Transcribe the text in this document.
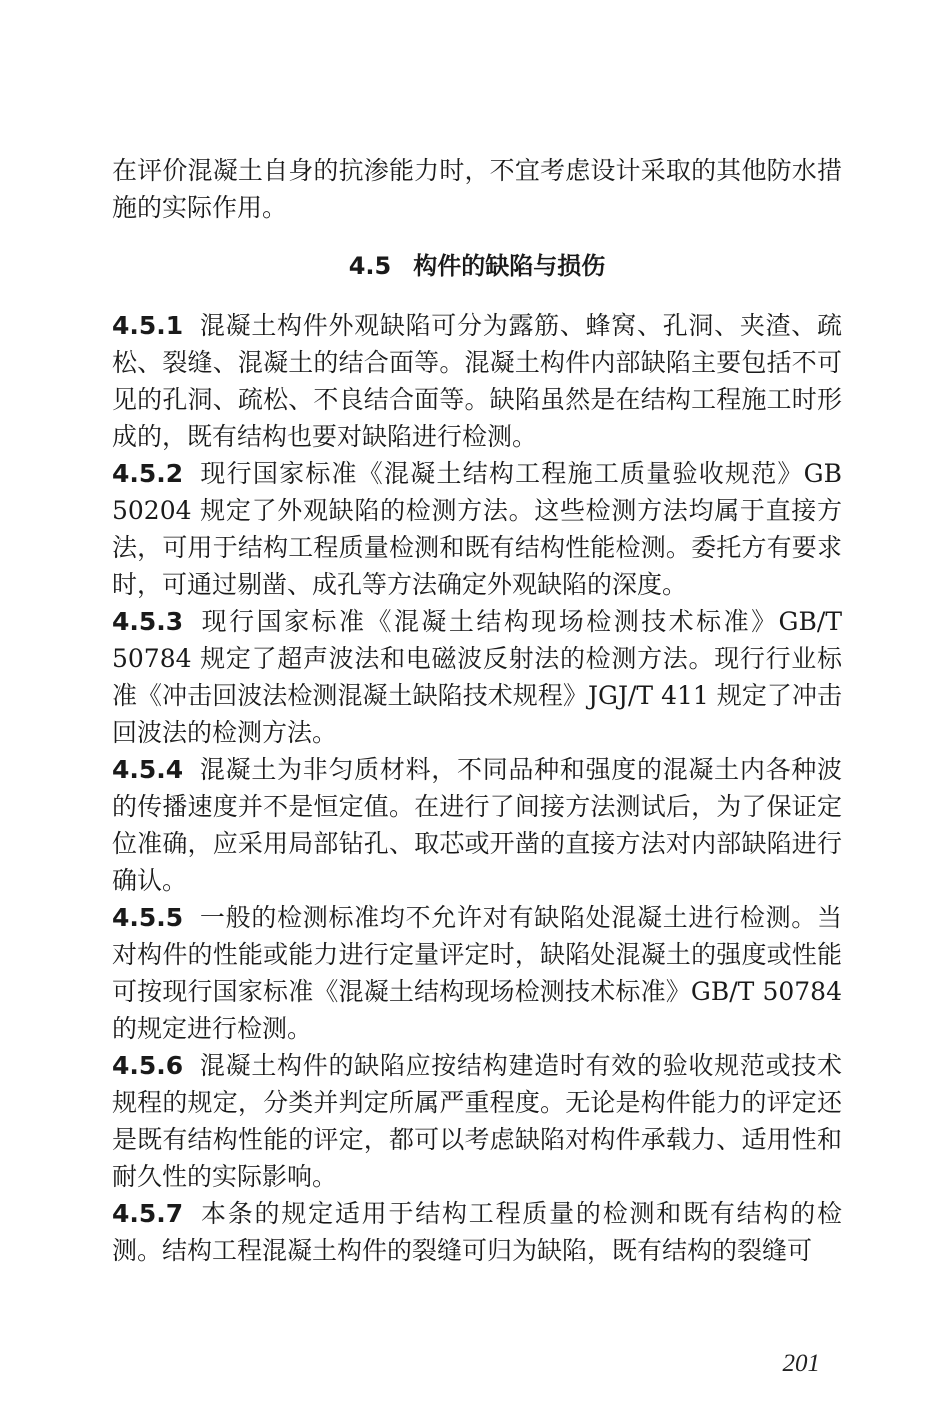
在评价混凝土自身的抗渗能力时，不宜考虑设计采取的其他防水措施的实际作用。

4.5 构件的缺陷与损伤

4.5.1 混凝土构件外观缺陷可分为露筋、蜂窝、孔洞、夹渣、疏松、裂缝、混凝土的结合面等。混凝土构件内部缺陷主要包括不可见的孔洞、疏松、不良结合面等。缺陷虽然是在结构工程施工时形成的，既有结构也要对缺陷进行检测。

4.5.2 现行国家标准《混凝土结构工程施工质量验收规范》GB 50204 规定了外观缺陷的检测方法。这些检测方法均属于直接方法，可用于结构工程质量检测和既有结构性能检测。委托方有要求时，可通过剔凿、成孔等方法确定外观缺陷的深度。

4.5.3 现行国家标准《混凝土结构现场检测技术标准》GB/T 50784 规定了超声波法和电磁波反射法的检测方法。现行行业标准《冲击回波法检测混凝土缺陷技术规程》JGJ/T 411 规定了冲击回波法的检测方法。

4.5.4 混凝土为非匀质材料，不同品种和强度的混凝土内各种波的传播速度并不是恒定值。在进行了间接方法测试后，为了保证定位准确，应采用局部钻孔、取芯或开凿的直接方法对内部缺陷进行确认。

4.5.5 一般的检测标准均不允许对有缺陷处混凝土进行检测。当对构件的性能或能力进行定量评定时，缺陷处混凝土的强度或性能可按现行国家标准《混凝土结构现场检测技术标准》GB/T 50784 的规定进行检测。

4.5.6 混凝土构件的缺陷应按结构建造时有效的验收规范或技术规程的规定，分类并判定所属严重程度。无论是构件能力的评定还是既有结构性能的评定，都可以考虑缺陷对构件承载力、适用性和耐久性的实际影响。

4.5.7 本条的规定适用于结构工程质量的检测和既有结构的检测。结构工程混凝土构件的裂缝可归为缺陷，既有结构的裂缝可

201
